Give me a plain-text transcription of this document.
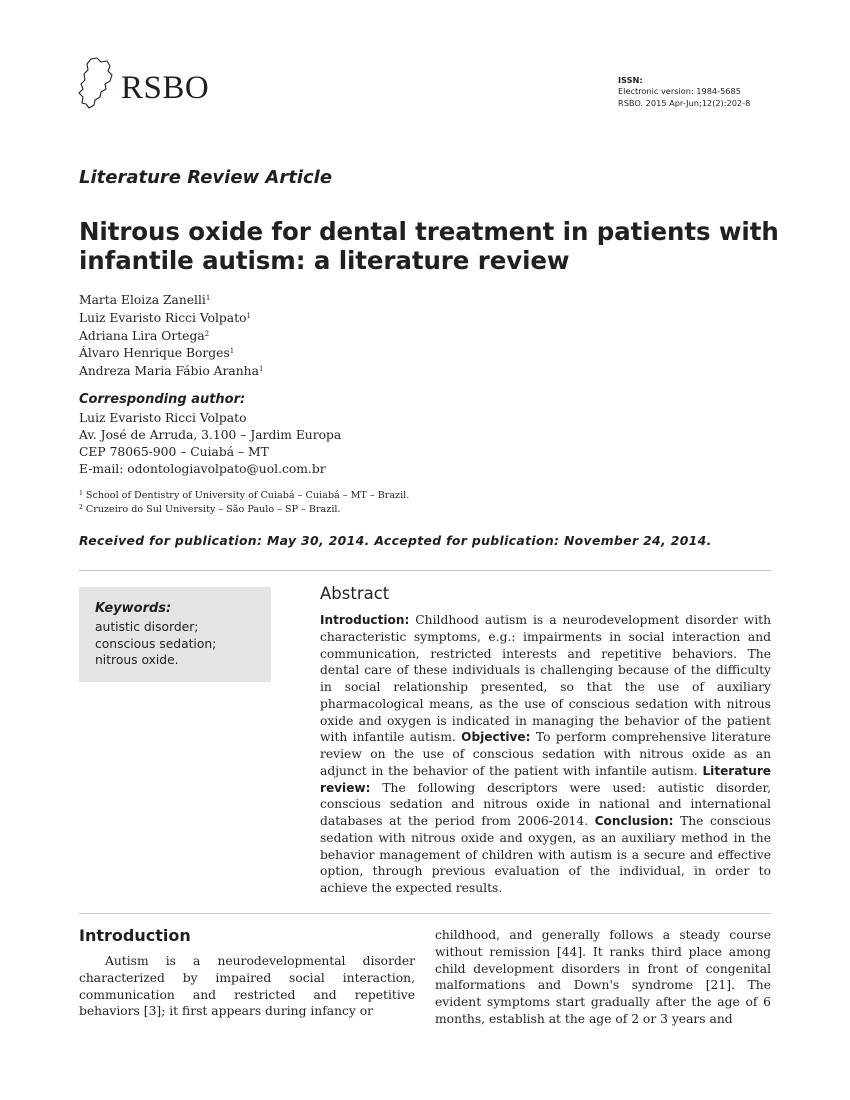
RSBO	ISSN:
Electronic version: 1984-5685
RSBO. 2015 Apr-Jun;12(2):202-8
Literature Review Article
Nitrous oxide for dental treatment in patients with infantile autism: a literature review
Marta Eloiza Zanelli$^1$
Luiz Evaristo Ricci Volpato$^1$
Adriana Lira Ortega$^2$
Álvaro Henrique Borges$^1$
Andreza Maria Fábio Aranha$^1$
Corresponding author:
Luiz Evaristo Ricci Volpato
Av. José de Arruda, 3.100 – Jardim Europa
CEP 78065-900 – Cuiabá – MT
E-mail: odontologiavolpato@uol.com.br
$^1$ School of Dentistry of University of Cuiabá – Cuiabá – MT – Brazil.
$^2$ Cruzeiro do Sul University – São Paulo – SP – Brazil.
Received for publication: May 30, 2014. Accepted for publication: November 24, 2014.
Keywords:
autistic disorder;
conscious sedation;
nitrous oxide.
Abstract

Introduction: Childhood autism is a neurodevelopment disorder with characteristic symptoms, e.g.: impairments in social interaction and communication, restricted interests and repetitive behaviors. The dental care of these individuals is challenging because of the difficulty in social relationship presented, so that the use of auxiliary pharmacological means, as the use of conscious sedation with nitrous oxide and oxygen is indicated in managing the behavior of the patient with infantile autism. Objective: To perform comprehensive literature review on the use of conscious sedation with nitrous oxide as an adjunct in the behavior of the patient with infantile autism. Literature review: The following descriptors were used: autistic disorder, conscious sedation and nitrous oxide in national and international databases at the period from 2006-2014. Conclusion: The conscious sedation with nitrous oxide and oxygen, as an auxiliary method in the behavior management of children with autism is a secure and effective option, through previous evaluation of the individual, in order to achieve the expected results.

Introduction

Autism is a neurodevelopmental disorder characterized by impaired social interaction, communication and restricted and repetitive behaviors [3]; it first appears during infancy or

childhood, and generally follows a steady course without remission [44]. It ranks third place among child development disorders in front of congenital malformations and Down's syndrome [21]. The evident symptoms start gradually after the age of 6 months, establish at the age of 2 or 3 years and
